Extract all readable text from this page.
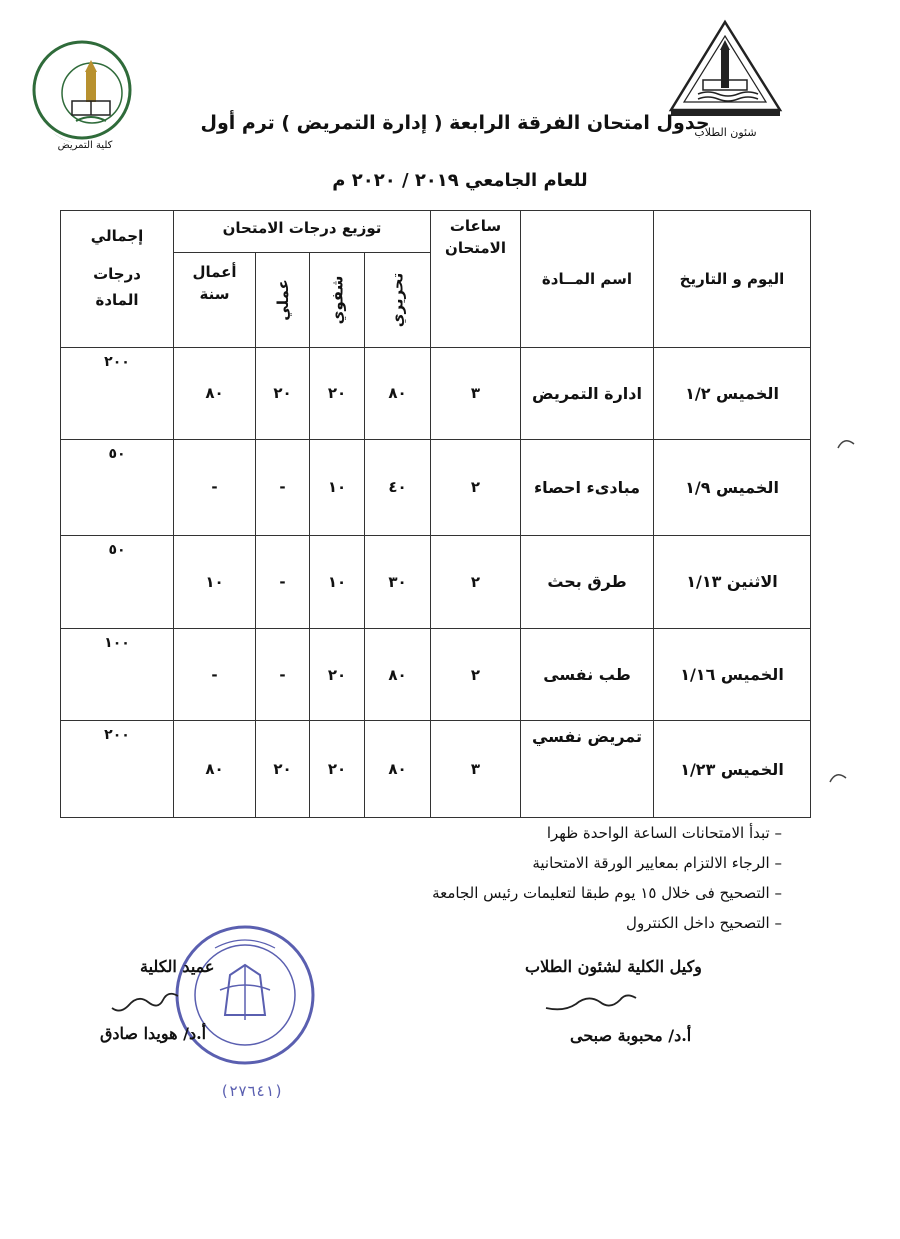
كلية التمريض
شئون الطلاب
جدول امتحان الفرقة الرابعة ( إدارة التمريض ) ترم أول
للعام الجامعي ٢٠١٩ / ٢٠٢٠ م
اليوم و التاريخ	اسم المــادة	ساعات الامتحان	توزيع درجات الامتحان				إجمالي
درجات المادة

			تحريري	شفوي	عملي	أعمال سنة	

الخميس ١/٢	ادارة التمريض	٣	٨٠	٢٠	٢٠	٨٠	٢٠٠
الخميس ١/٩	مبادىء احصاء	٢	٤٠	١٠	-	-	٥٠
الاثنين ١/١٣	طرق بحث	٢	٣٠	١٠	-	١٠	٥٠
الخميس ١/١٦	طب نفسى	٢	٨٠	٢٠	-	-	١٠٠
الخميس ١/٢٣	تمريض نفسي	٣	٨٠	٢٠	٢٠	٨٠	٢٠٠
– تبدأ الامتحانات الساعة الواحدة ظهرا
– الرجاء الالتزام بمعايير الورقة الامتحانية
– التصحيح فى خلال ١٥ يوم طبقا لتعليمات رئيس الجامعة
– التصحيح داخل الكنترول
(٢٧٦٤١)
عميد الكلية
أ.د/ هويدا صادق
وكيل الكلية لشئون الطلاب
أ.د/ محبوبة صبحى
